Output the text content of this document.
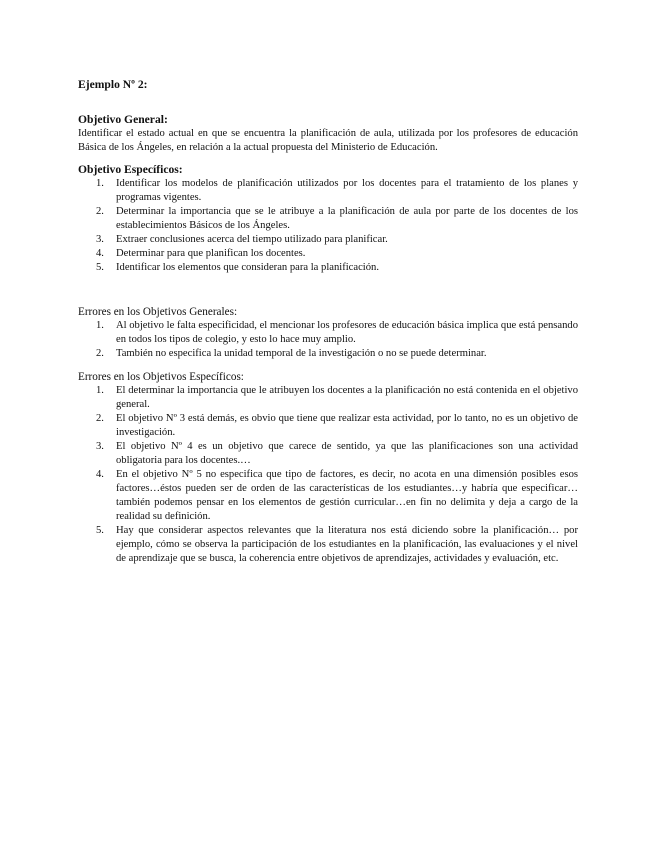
Ejemplo Nº 2:

Objetivo General:

Identificar el estado actual en que se encuentra la planificación de aula, utilizada por los profesores de educación Básica de los Ángeles, en relación a la actual propuesta del Ministerio de Educación.

Objetivo Específicos:

1. Identificar los modelos de planificación utilizados por los docentes para el tratamiento de los planes y programas vigentes.
2. Determinar la importancia que se le atribuye a la planificación de aula por parte de los docentes de los establecimientos Básicos de los Ángeles.
3. Extraer conclusiones acerca del tiempo utilizado para planificar.
4. Determinar para que planifican los docentes.
5. Identificar los elementos que consideran para la planificación.

Errores en los Objetivos Generales:

1. Al objetivo le falta especificidad, el mencionar los profesores de educación básica implica que está pensando en todos los tipos de colegio, y esto lo hace muy amplio.
2. También no especifica la unidad temporal de la investigación o no se puede determinar.

Errores en los Objetivos Específicos:

1. El determinar la importancia que le atribuyen los docentes a la planificación no está contenida en el objetivo general.
2. El objetivo Nº 3 está demás, es obvio que tiene que realizar esta actividad, por lo tanto, no es un objetivo de investigación.
3. El objetivo Nº 4 es un objetivo que carece de sentido, ya que las planificaciones son una actividad obligatoria para los docentes.…
4. En el objetivo Nº 5 no especifica que tipo de factores, es decir, no acota en una dimensión posibles esos factores…éstos pueden ser de orden de las características de los estudiantes…y habría que especificar…también podemos pensar en los elementos de gestión curricular…en fin no delimita y deja a cargo de la realidad su definición.
5. Hay que considerar aspectos relevantes que la literatura nos está diciendo sobre la planificación… por ejemplo, cómo se observa la participación de los estudiantes en la planificación, las evaluaciones y el nivel de aprendizaje que se busca, la coherencia entre objetivos de aprendizajes, actividades y evaluación, etc.
